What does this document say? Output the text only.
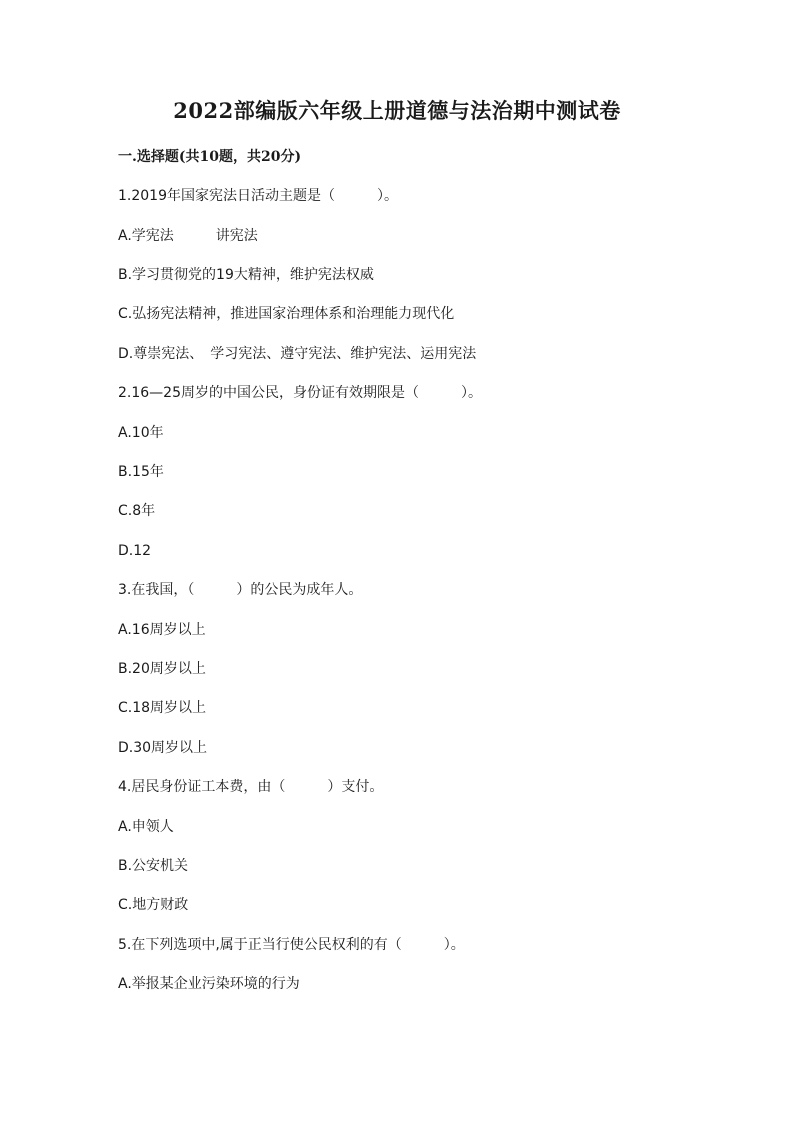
2022部编版六年级上册道德与法治期中测试卷
一.选择题(共10题，共20分)
1.2019年国家宪法日活动主题是（　　　）。
A.学宪法　　　讲宪法
B.学习贯彻党的19大精神，维护宪法权威
C.弘扬宪法精神，推进国家治理体系和治理能力现代化
D.尊崇宪法、　学习宪法、遵守宪法、维护宪法、运用宪法
2.16—25周岁的中国公民，身份证有效期限是（　　　）。
A.10年
B.15年
C.8年
D.12
3.在我国，（　　　）的公民为成年人。
A.16周岁以上
B.20周岁以上
C.18周岁以上
D.30周岁以上
4.居民身份证工本费，由（　　　）支付。
A.申领人
B.公安机关
C.地方财政
5.在下列选项中,属于正当行使公民权利的有（　　　）。
A.举报某企业污染环境的行为
